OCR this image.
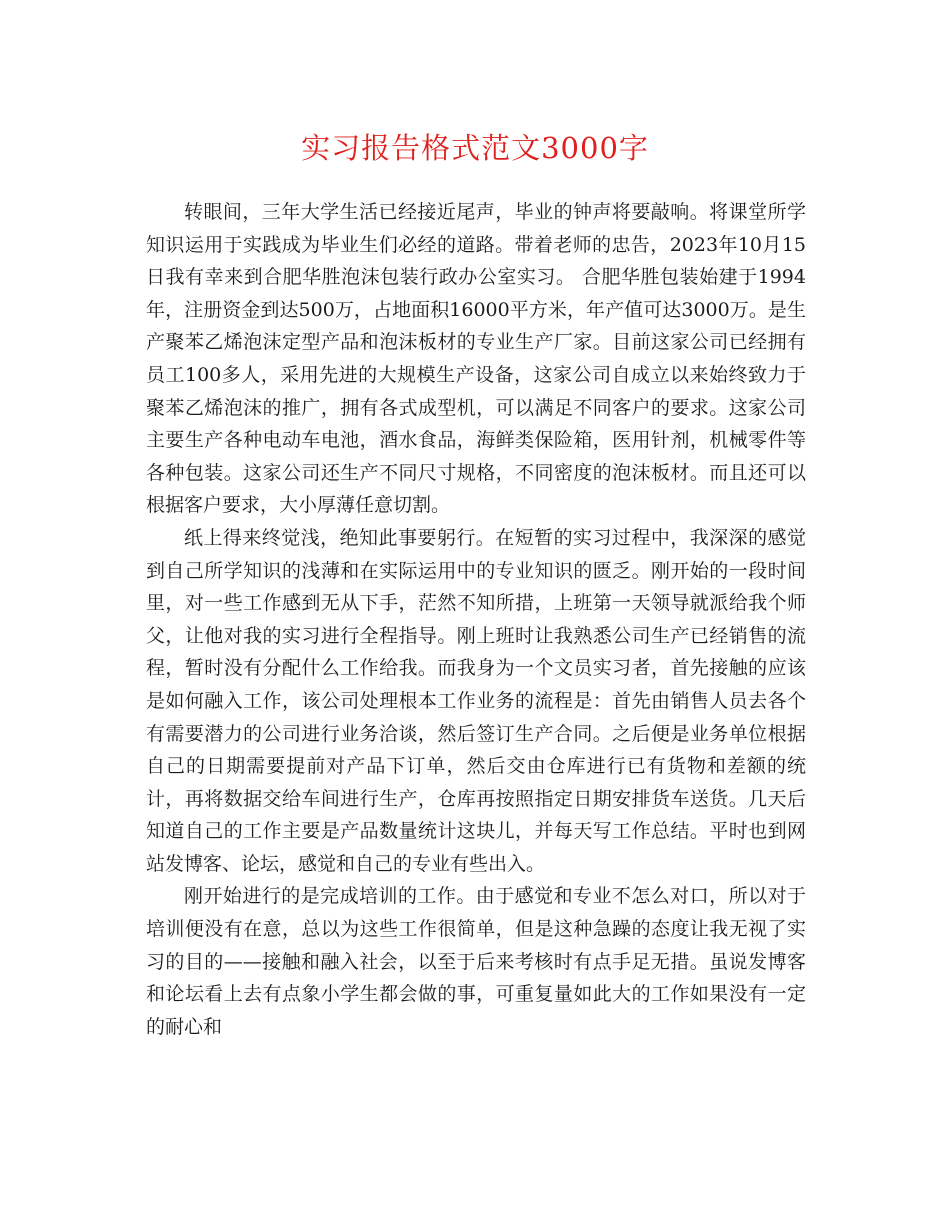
实习报告格式范文3000字

转眼间，三年大学生活已经接近尾声，毕业的钟声将要敲响。将课堂所学知识运用于实践成为毕业生们必经的道路。带着老师的忠告，2023年10月15日我有幸来到合肥华胜泡沫包装行政办公室实习。 合肥华胜包装始建于1994年，注册资金到达500万，占地面积16000平方米，年产值可达3000万。是生产聚苯乙烯泡沫定型产品和泡沫板材的专业生产厂家。目前这家公司已经拥有员工100多人，采用先进的大规模生产设备，这家公司自成立以来始终致力于聚苯乙烯泡沫的推广，拥有各式成型机，可以满足不同客户的要求。这家公司主要生产各种电动车电池，酒水食品，海鲜类保险箱，医用针剂，机械零件等各种包装。这家公司还生产不同尺寸规格，不同密度的泡沫板材。而且还可以根据客户要求，大小厚薄任意切割。

纸上得来终觉浅，绝知此事要躬行。在短暂的实习过程中，我深深的感觉到自己所学知识的浅薄和在实际运用中的专业知识的匮乏。刚开始的一段时间里，对一些工作感到无从下手，茫然不知所措，上班第一天领导就派给我个师父，让他对我的实习进行全程指导。刚上班时让我熟悉公司生产已经销售的流程，暂时没有分配什么工作给我。而我身为一个文员实习者，首先接触的应该是如何融入工作，该公司处理根本工作业务的流程是：首先由销售人员去各个有需要潜力的公司进行业务洽谈，然后签订生产合同。之后便是业务单位根据自己的日期需要提前对产品下订单，然后交由仓库进行已有货物和差额的统计，再将数据交给车间进行生产，仓库再按照指定日期安排货车送货。几天后知道自己的工作主要是产品数量统计这块儿，并每天写工作总结。平时也到网站发博客、论坛，感觉和自己的专业有些出入。

刚开始进行的是完成培训的工作。由于感觉和专业不怎么对口，所以对于培训便没有在意，总以为这些工作很简单，但是这种急躁的态度让我无视了实习的目的——接触和融入社会，以至于后来考核时有点手足无措。虽说发博客和论坛看上去有点象小学生都会做的事，可重复量如此大的工作如果没有一定的耐心和
